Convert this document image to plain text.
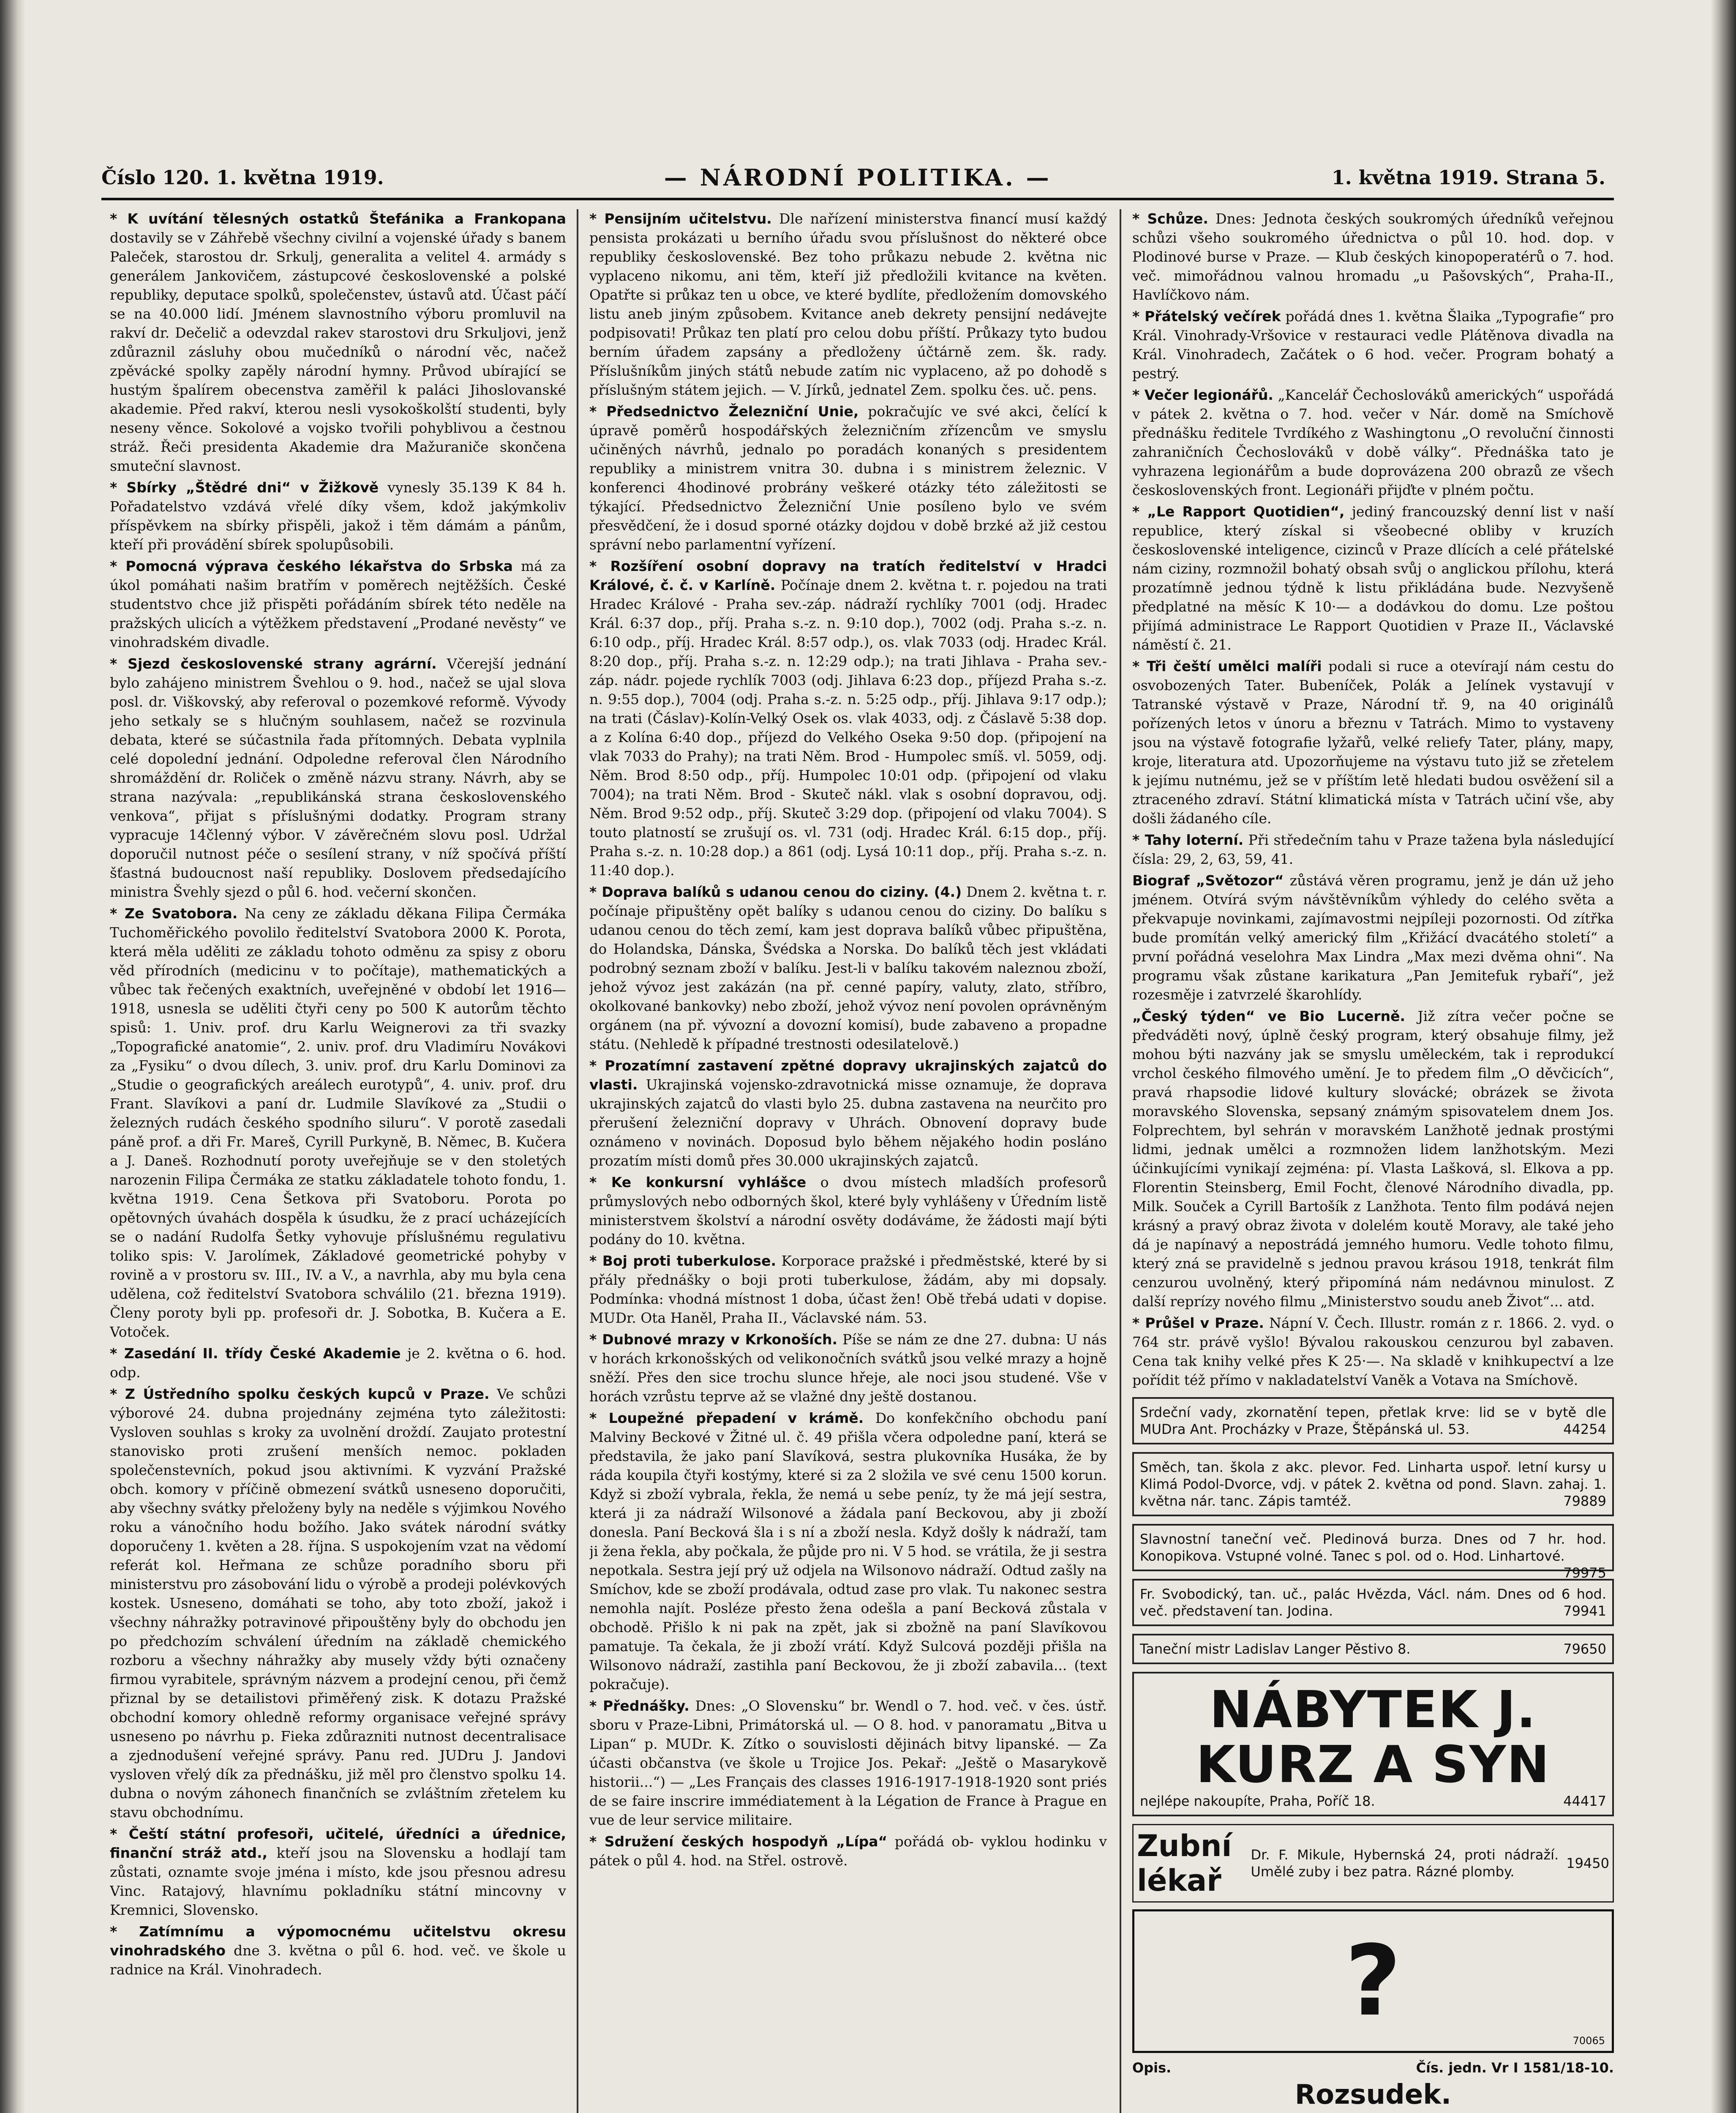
Číslo 120. 1. května 1919.	— NÁRODNÍ POLITIKA. —	1. května 1919. Strana 5.

* K uvítání tělesných ostatků Štefánika a Frankopana dostavily se v Záhřebě všechny civilní a vojenské úřady s banem Paleček, starostou dr. Srkulj, generalita a velitel 4. armády s generálem Jankovičem, zástupcové československé a polské republiky, deputace spolků, společenstev, ústavů atd. Účast páčí se na 40.000 lidí. Jménem slavnostního výboru promluvil na rakví dr. Dečelič a odevzdal rakev starostovi dru Srkuljovi, jenž zdůraznil zásluhy obou mučedníků o národní věc, načež zpěvácké spolky zapěly národní hymny. Průvod ubírající se hustým špalírem obecenstva zaměřil k paláci Jihoslovanské akademie. Před rakví, kterou nesli vysokoškolští studenti, byly neseny věnce. Sokolové a vojsko tvořili pohyblivou a čestnou stráž. Řeči presidenta Akademie dra Mažuraniče skončena smuteční slavnost.

* Sbírky „Štědré dni“ v Žižkově vynesly 35.139 K 84 h. Pořadatelstvo vzdává vřelé díky všem, kdož jakýmkoliv příspěvkem na sbírky přispěli, jakož i těm dámám a pánům, kteří při provádění sbírek spolupůsobili.

* Pomocná výprava českého lékařstva do Srbska má za úkol pomáhati našim bratřím v poměrech nejtěžších. České studentstvo chce již přispěti pořádáním sbírek této neděle na pražských ulicích a výtěžkem představení „Prodané nevěsty“ ve vinohradském divadle.

* Sjezd československé strany agrární. Včerejší jednání bylo zahájeno ministrem Švehlou o 9. hod., načež se ujal slova posl. dr. Viškovský, aby referoval o pozemkové reformě. Vývody jeho setkaly se s hlučným souhlasem, načež se rozvinula debata, které se súčastnila řada přítomných. Debata vyplnila celé dopolední jednání. Odpoledne referoval člen Národního shromáždění dr. Roliček o změně názvu strany. Návrh, aby se strana nazývala: „republikánská strana československého venkova“, přijat s příslušnými dodatky. Program strany vypracuje 14členný výbor. V závěrečném slovu posl. Udržal doporučil nutnost péče o sesílení strany, v níž spočívá příští šťastná budoucnost naší republiky. Doslovem předsedajícího ministra Švehly sjezd o půl 6. hod. večerní skončen.

* Ze Svatobora. Na ceny ze základu děkana Filipa Čermáka Tuchoměřického povolilo ředitelství Svatobora 2000 K. Porota, která měla uděliti ze základu tohoto odměnu za spisy z oboru věd přírodních (medicinu v to počítaje), mathematických a vůbec tak řečených exaktních, uveřejněné v období let 1916—1918, usnesla se uděliti čtyři ceny po 500 K autorům těchto spisů: 1. Univ. prof. dru Karlu Weignerovi za tři svazky „Topografické anatomie“, 2. univ. prof. dru Vladimíru Novákovi za „Fysiku“ o dvou dílech, 3. univ. prof. dru Karlu Dominovi za „Studie o geografických areálech eurotypů“, 4. univ. prof. dru Frant. Slavíkovi a paní dr. Ludmile Slavíkové za „Studii o železných rudách českého spodního siluru“. V porotě zasedali páně prof. a dři Fr. Mareš, Cyrill Purkyně, B. Němec, B. Kučera a J. Daneš. Rozhodnutí poroty uveřejňuje se v den stoletých narozenin Filipa Čermáka ze statku základatele tohoto fondu, 1. května 1919. Cena Šetkova při Svatoboru. Porota po opětovných úvahách dospěla k úsudku, že z prací ucházejících se o nadání Rudolfa Šetky vyhovuje příslušnému regulativu toliko spis: V. Jarolímek, Základové geometrické pohyby v rovině a v prostoru sv. III., IV. a V., a navrhla, aby mu byla cena udělena, což ředitelství Svatobora schválilo (21. března 1919). Členy poroty byli pp. profesoři dr. J. Sobotka, B. Kučera a E. Votoček.

* Zasedání II. třídy České Akademie je 2. května o 6. hod. odp.

* Z Ústředního spolku českých kupců v Praze. Ve schůzi výborové 24. dubna projednány zejména tyto záležitosti: Vysloven souhlas s kroky za uvolnění droždí. Zaujato protestní stanovisko proti zrušení menších nemoc. pokladen společenstevních, pokud jsou aktivními. K vyzvání Pražské obch. komory v příčině obmezení svátků usneseno doporučiti, aby všechny svátky přeloženy byly na neděle s výjimkou Nového roku a vánočního hodu božího. Jako svátek národní svátky doporučeny 1. květen a 28. října. S uspokojením vzat na vědomí referát kol. Heřmana ze schůze poradního sboru při ministerstvu pro zásobování lidu o výrobě a prodeji polévkových kostek. Usneseno, domáhati se toho, aby toto zboží, jakož i všechny náhražky potravinové připouštěny byly do obchodu jen po předchozím schválení úředním na základě chemického rozboru a všechny náhražky aby musely vždy býti označeny firmou vyrabitele, správným názvem a prodejní cenou, při čemž přiznal by se detailistovi přiměřený zisk. K dotazu Pražské obchodní komory ohledně reformy organisace veřejné správy usneseno po návrhu p. Fieka zdůrazniti nutnost decentralisace a zjednodušení veřejné správy. Panu red. JUDru J. Jandovi vysloven vřelý dík za přednášku, již měl pro členstvo spolku 14. dubna o novým záhonech finančních se zvláštním zřetelem ku stavu obchodnímu.

* Čeští státní profesoři, učitelé, úředníci a úřednice, finanční stráž atd., kteří jsou na Slovensku a hodlají tam zůstati, oznamte svoje jména i místo, kde jsou přesnou adresu Vinc. Ratajový, hlavnímu pokladníku státní mincovny v Kremnici, Slovensko.

* Zatímnímu a výpomocnému učitelstvu okresu vinohradského dne 3. května o půl 6. hod. več. ve škole u radnice na Král. Vinohradech.

* Pensijním učitelstvu. Dle nařízení ministerstva financí musí každý pensista prokázati u berního úřadu svou příslušnost do některé obce republiky československé. Bez toho průkazu nebude 2. května nic vyplaceno nikomu, ani těm, kteří již předložili kvitance na květen. Opatřte si průkaz ten u obce, ve které bydlíte, předložením domovského listu aneb jiným způsobem. Kvitance aneb dekrety pensijní nedávejte podpisovati! Průkaz ten platí pro celou dobu příští. Průkazy tyto budou berním úřadem zapsány a předloženy účtárně zem. šk. rady. Příslušníkům jiných států nebude zatím nic vyplaceno, až po dohodě s příslušným státem jejich. — V. Jírků, jednatel Zem. spolku čes. uč. pens.

* Předsednictvo Železniční Unie, pokračujíc ve své akci, čelící k úpravě poměrů hospodářských železničním zřízencům ve smyslu učiněných návrhů, jednalo po poradách konaných s presidentem republiky a ministrem vnitra 30. dubna i s ministrem železnic. V konferenci 4hodinové probrány veškeré otázky této záležitosti se týkající. Předsednictvo Železniční Unie posíleno bylo ve svém přesvědčení, že i dosud sporné otázky dojdou v době brzké až již cestou správní nebo parlamentní vyřízení.

* Rozšíření osobní dopravy na tratích ředitelství v Hradci Králové, č. č. v Karlíně. Počínaje dnem 2. května t. r. pojedou na trati Hradec Králové - Praha sev.-záp. nádraží rychlíky 7001 (odj. Hradec Král. 6:37 dop., příj. Praha s.-z. n. 9:10 dop.), 7002 (odj. Praha s.-z. n. 6:10 odp., příj. Hradec Král. 8:57 odp.), os. vlak 7033 (odj. Hradec Král. 8:20 dop., příj. Praha s.-z. n. 12:29 odp.); na trati Jihlava - Praha sev.-záp. nádr. pojede rychlík 7003 (odj. Jihlava 6:23 dop., příjezd Praha s.-z. n. 9:55 dop.), 7004 (odj. Praha s.-z. n. 5:25 odp., příj. Jihlava 9:17 odp.); na trati (Čáslav)-Kolín-Velký Osek os. vlak 4033, odj. z Čáslavě 5:38 dop. a z Kolína 6:40 dop., příjezd do Velkého Oseka 9:50 dop. (připojení na vlak 7033 do Prahy); na trati Něm. Brod - Humpolec smíš. vl. 5059, odj. Něm. Brod 8:50 odp., příj. Humpolec 10:01 odp. (připojení od vlaku 7004); na trati Něm. Brod - Skuteč nákl. vlak s osobní dopravou, odj. Něm. Brod 9:52 odp., příj. Skuteč 3:29 dop. (připojení od vlaku 7004). S touto platností se zrušují os. vl. 731 (odj. Hradec Král. 6:15 dop., příj. Praha s.-z. n. 10:28 dop.) a 861 (odj. Lysá 10:11 dop., příj. Praha s.-z. n. 11:40 dop.).

* Doprava balíků s udanou cenou do ciziny. (4.) Dnem 2. května t. r. počínaje připuštěny opět balíky s udanou cenou do ciziny. Do balíku s udanou cenou do těch zemí, kam jest doprava balíků vůbec připuštěna, do Holandska, Dánska, Švédska a Norska. Do balíků těch jest vkládati podrobný seznam zboží v balíku. Jest-li v balíku takovém naleznou zboží, jehož vývoz jest zakázán (na př. cenné papíry, valuty, zlato, stříbro, okolkované bankovky) nebo zboží, jehož vývoz není povolen oprávněným orgánem (na př. vývozní a dovozní komisí), bude zabaveno a propadne státu. (Nehledě k případné trestnosti odesilatelově.)

* Prozatímní zastavení zpětné dopravy ukrajinských zajatců do vlasti. Ukrajinská vojensko-zdravotnická misse oznamuje, že doprava ukrajinských zajatců do vlasti bylo 25. dubna zastavena na neurčito pro přerušení železniční dopravy v Uhrách. Obnovení dopravy bude oznámeno v novinách. Doposud bylo během nějakého hodin posláno prozatím místi domů přes 30.000 ukrajinských zajatců.

* Ke konkursní vyhlášce o dvou místech mladších profesorů průmyslových nebo odborných škol, které byly vyhlášeny v Úředním listě ministerstvem školství a národní osvěty dodáváme, že žádosti mají býti podány do 10. května.

* Boj proti tuberkulose. Korporace pražské i předměstské, které by si přály přednášky o boji proti tuberkulose, žádám, aby mi dopsaly. Podmínka: vhodná místnost 1 doba, účast žen! Obě třebá udati v dopise. MUDr. Ota Haněl, Praha II., Václavské nám. 53.

* Dubnové mrazy v Krkonoších. Píše se nám ze dne 27. dubna: U nás v horách krkonošských od velikonočních svátků jsou velké mrazy a hojně sněží. Přes den sice trochu slunce hřeje, ale noci jsou studené. Vše v horách vzrůstu teprve až se vlažné dny ještě dostanou.

* Loupežné přepadení v krámě. Do konfekčního obchodu paní Malviny Beckové v Žitné ul. č. 49 přišla včera odpoledne paní, která se představila, že jako paní Slavíková, sestra plukovníka Husáka, že by ráda koupila čtyři kostýmy, které si za 2 složila ve své cenu 1500 korun. Když si zboží vybrala, řekla, že nemá u sebe peníz, ty že má její sestra, která ji za nádraží Wilsonové a žádala paní Beckovou, aby ji zboží donesla. Paní Becková šla i s ní a zboží nesla. Když došly k nádraží, tam ji žena řekla, aby počkala, že půjde pro ni. V 5 hod. se vrátila, že ji sestra nepotkala. Sestra její prý už odjela na Wilsonovo nádraží. Odtud zašly na Smíchov, kde se zboží prodávala, odtud zase pro vlak. Tu nakonec sestra nemohla najít. Posléze přesto žena odešla a paní Becková zůstala v obchodě. Přišlo k ni pak na zpět, jak si zbožně na paní Slavíkovou pamatuje. Ta čekala, že ji zboží vrátí. Když Sulcová později přišla na Wilsonovo nádraží, zastihla paní Beckovou, že ji zboží zabavila... (text pokračuje).

* Přednášky. Dnes: „O Slovensku“ br. Wendl o 7. hod. več. v čes. ústř. sboru v Praze-Libni, Primátorská ul. — O 8. hod. v panoramatu „Bitva u Lipan“ p. MUDr. K. Zítko o souvislosti dějinách bitvy lipanské. — Za účasti občanstva (ve škole u Trojice Jos. Pekař: „Ještě o Masarykově historii...“) — „Les Français des classes 1916-1917-1918-1920 sont priés de se faire inscrire immédiatement à la Légation de France à Prague en vue de leur service militaire.

* Sdružení českých hospodyň „Lípa“ pořádá ob- vyklou hodinku v pátek o půl 4. hod. na Střel. ostrově.

* Schůze. Dnes: Jednota českých soukromých úředníků veřejnou schůzi všeho soukromého úřednictva o půl 10. hod. dop. v Plodinové burse v Praze. — Klub českých kinopoperatérů o 7. hod. več. mimořádnou valnou hromadu „u Pašovských“, Praha-II., Havlíčkovo nám.

* Přátelský večírek pořádá dnes 1. května Šlaika „Typografie“ pro Král. Vinohrady-Vršovice v restauraci vedle Plátěnova divadla na Král. Vinohradech, Začátek o 6 hod. večer. Program bohatý a pestrý.

* Večer legionářů. „Kancelář Čechoslováků amerických“ uspořádá v pátek 2. května o 7. hod. večer v Nár. domě na Smíchově přednášku ředitele Tvrdíkého z Washingtonu „O revoluční činnosti zahraničních Čechoslováků v době války“. Přednáška tato je vyhrazena legionářům a bude doprovázena 200 obrazů ze všech československých front. Legionáři přijďte v plném počtu.

* „Le Rapport Quotidien“, jediný francouzský denní list v naší republice, který získal si všeobecné obliby v kruzích československé inteligence, cizinců v Praze dlících a celé přátelské nám ciziny, rozmnožil bohatý obsah svůj o anglickou přílohu, která prozatímně jednou týdně k listu přikládána bude. Nezvyšeně předplatné na měsíc K 10·— a dodávkou do domu. Lze poštou přijímá administrace Le Rapport Quotidien v Praze II., Václavské náměstí č. 21.

* Tři čeští umělci malíři podali si ruce a otevírají nám cestu do osvobozených Tater. Bubeníček, Polák a Jelínek vystavují v Tatranské výstavě v Praze, Národní tř. 9, na 40 originálů pořízených letos v únoru a březnu v Tatrách. Mimo to vystaveny jsou na výstavě fotografie lyžařů, velké reliefy Tater, plány, mapy, kroje, literatura atd. Upozorňujeme na výstavu tuto již se zřetelem k jejímu nutnému, jež se v příštím letě hledati budou osvěžení sil a ztraceného zdraví. Státní klimatická místa v Tatrách učiní vše, aby došli žádaného cíle.

* Tahy loterní. Při středečním tahu v Praze tažena byla následující čísla: 29, 2, 63, 59, 41.

Biograf „Světozor“ zůstává věren programu, jenž je dán už jeho jménem. Otvírá svým návštěvníkům výhledy do celého světa a překvapuje novinkami, zajímavostmi nejpíleji pozornosti. Od zítřka bude promítán velký americký film „Křižácí dvacátého století“ a první pořádná veselohra Max Lindra „Max mezi dvěma ohni“. Na programu však zůstane karikatura „Pan Jemitefuk rybaří“, jež rozesměje i zatvrzelé škarohlídy.

„Český týden“ ve Bio Lucerně. Již zítra večer počne se předváděti nový, úplně český program, který obsahuje filmy, jež mohou býti nazvány jak se smyslu uměleckém, tak i reprodukcí vrchol českého filmového umění. Je to předem film „O děvčicích“, pravá rhapsodie lidové kultury slovácké; obrázek se života moravského Slovenska, sepsaný známým spisovatelem dnem Jos. Folprechtem, byl sehrán v moravském Lanžhotě jednak prostými lidmi, jednak umělci a rozmnožen lidem lanžhotským. Mezi účinkujícími vynikají zejména: pí. Vlasta Lašková, sl. Elkova a pp. Florentin Steinsberg, Emil Focht, členové Národního divadla, pp. Milk. Souček a Cyrill Bartošík z Lanžhota. Tento film podává nejen krásný a pravý obraz života v dolelém koutě Moravy, ale také jeho dá je napínavý a nepostrádá jemného humoru. Vedle tohoto filmu, který zná se pravidelně s jednou pravou krásou 1918, tenkrát film cenzurou uvolněný, který připomíná nám nedávnou minulost. Z další reprízy nového filmu „Ministerstvo soudu aneb Život“... atd.

* Průšel v Praze. Nápní V. Čech. Illustr. román z r. 1866. 2. vyd. o 764 str. právě vyšlo! Bývalou rakouskou cenzurou byl zabaven. Cena tak knihy velké přes K 25·—. Na skladě v knihkupectví a lze pořídit též přímo v nakladatelství Vaněk a Votava na Smíchově.

Srdeční vady, zkornatění tepen, přetlak krve: lid se v bytě dle MUDra Ant. Procházky v Praze, Štěpánská ul. 53.	44254
Směch, tan. škola z akc. plevor. Fed. Linharta uspoř. letní kursy u Klimá Podol-Dvorce, vdj. v pátek 2. května od pond. Slavn. zahaj. 1. května nár. tanc. Zápis tamtéž.	79889
Slavnostní taneční več. Pledinová burza. Dnes od 7 hr. hod. Konopikova. Vstupné volné. Tanec s pol. od o. Hod. Linhartové.
79975
Fr. Svobodický, tan. uč., palác Hvězda, Václ. nám. Dnes od 6 hod. več. představení tan. Jodina.	79941
Taneční mistr Ladislav Langer Pěstivo 8.	79650
NÁBYTEK J. KURZ A SYN
nejlépe nakoupíte, Praha, Poříč 18.	44417
Zubní lékař
Dr. F. Mikule, Hybernská 24, proti nádraží. Umělé zuby i bez patra. Rázné plomby.
19450
?
70065
Opis.	Čís. jedn. Vr I 1581/18-10.
Rozsudek.
